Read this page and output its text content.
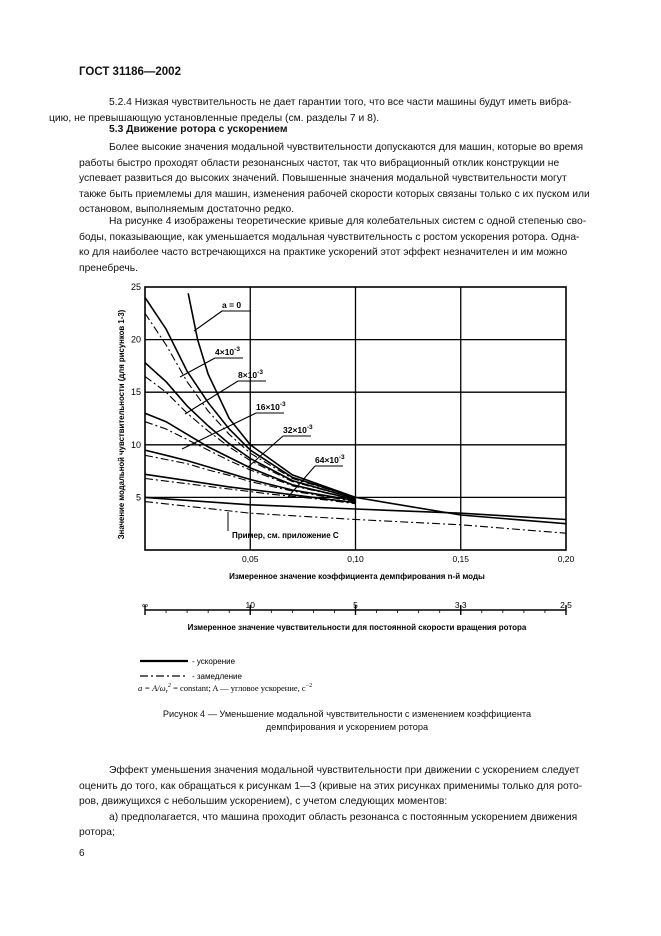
ГОСТ 31186—2002
5.2.4 Низкая чувствительность не дает гарантии того, что все части машины будут иметь вибра-
цию, не превышающую установленные пределы (см. разделы 7 и 8).
5.3 Движение ротора с ускорением
Более высокие значения модальной чувствительности допускаются для машин, которые во время
работы быстро проходят области резонансных частот, так что вибрационный отклик конструкции не
успевает развиться до высоких значений. Повышенные значения модальной чувствительности могут
также быть приемлемы для машин, изменения рабочей скорости которых связаны только с их пуском или
остановом, выполняемым достаточно редко.
На рисунке 4 изображены теоретические кривые для колебательных систем с одной степенью сво-
боды, показывающие, как уменьшается модальная чувствительность с ростом ускорения ротора. Одна-
ко для наиболее часто встречающихся на практике ускорений этот эффект незначителен и им можно
пренебречь.
0,05	0,10	0,15	0,20
5
10
15
20
25
Измеренное значение коэффициента демпфирования n-й моды
Значение модальной чувствительности (для рисунков 1-3)
a = 0
$4\times 10^{-3}$
$8\times 10^{-3}$
$16\times 10^{-3}$
$32\times 10^{-3}$
$64\times 10^{-3}$
Пример, см. приложение С
∞	10	5	3,3	2,5
Измеренное значение чувствительности для постоянной скорости вращения ротора
- ускорение
- замедление
$a = A/\omega_r^2$ = constant; A — угловое ускорение, $c^{-2}$
Рисунок 4 — Уменьшение модальной чувствительности с изменением коэффициента
демпфирования и ускорением ротора
Эффект уменьшения значения модальной чувствительности при движении с ускорением следует
оценить до того, как обращаться к рисункам 1—3 (кривые на этих рисунках применимы только для рото-
ров, движущихся с небольшим ускорением), с учетом следующих моментов:
а) предполагается, что машина проходит область резонанса с постоянным ускорением движения
ротора;
6
